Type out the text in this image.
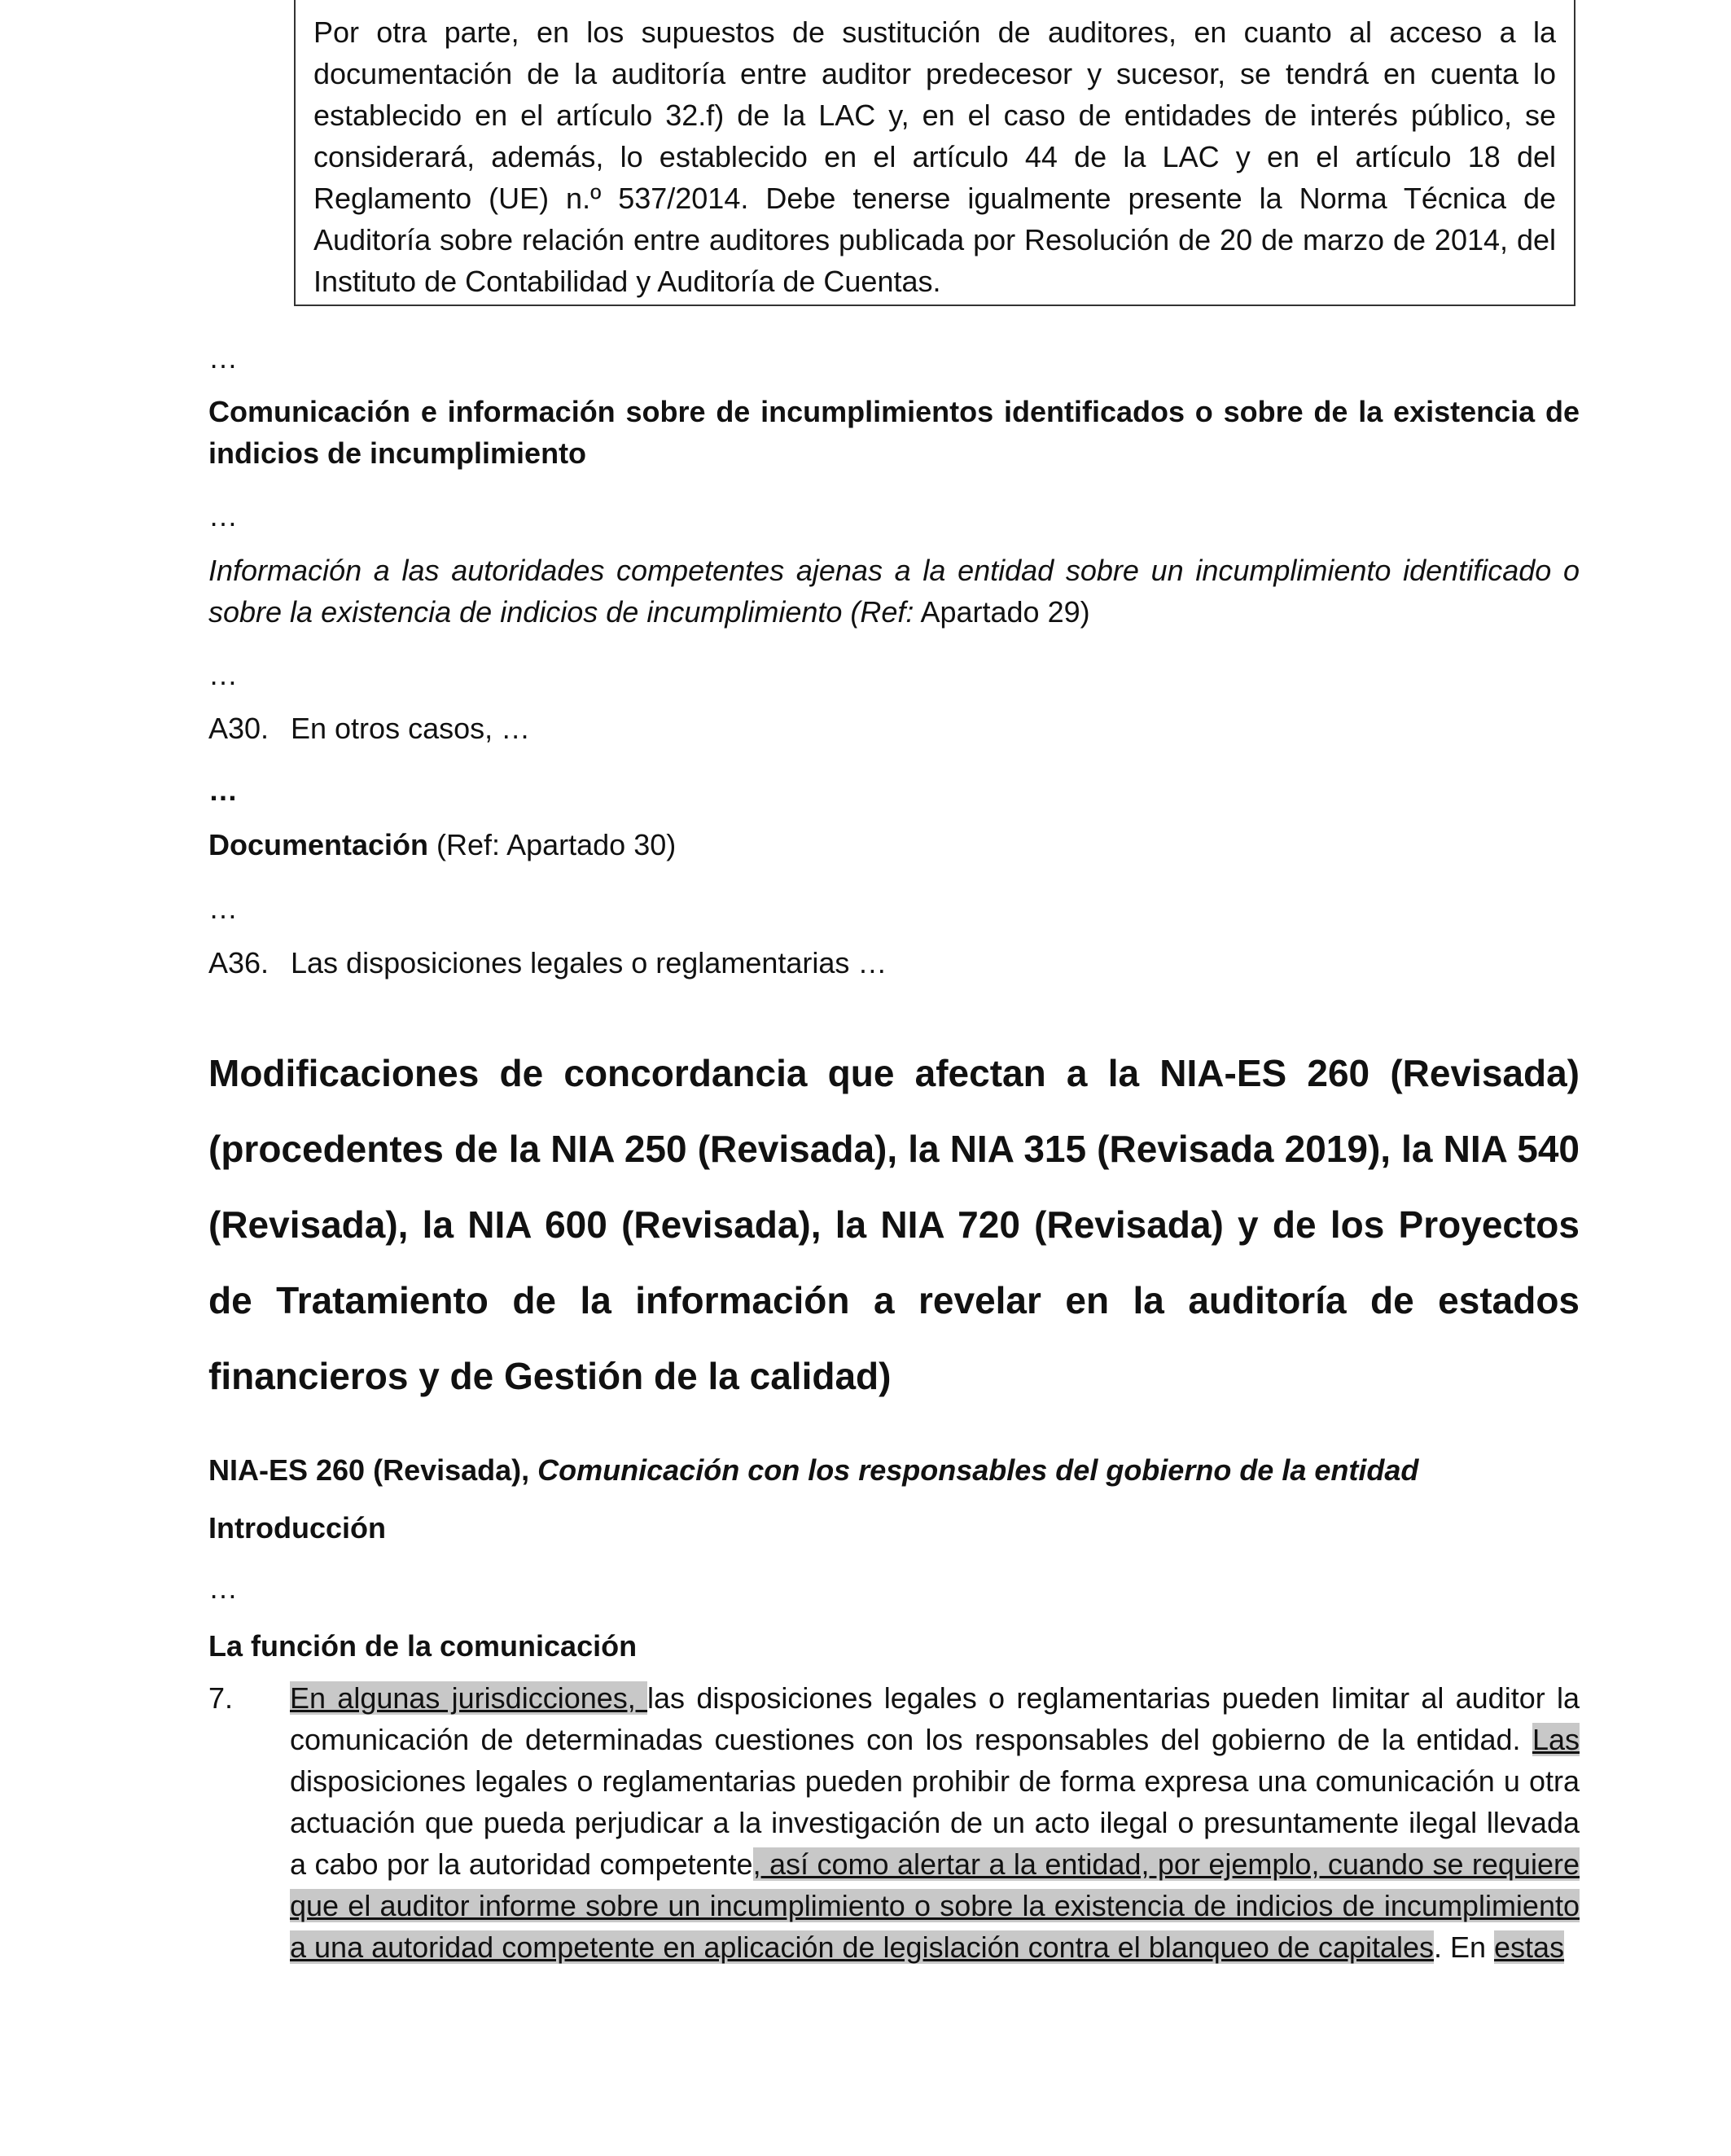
Por otra parte, en los supuestos de sustitución de auditores, en cuanto al acceso a la documentación de la auditoría entre auditor predecesor y sucesor, se tendrá en cuenta lo establecido en el artículo 32.f) de la LAC y, en el caso de entidades de interés público, se considerará, además, lo establecido en el artículo 44 de la LAC y en el artículo 18 del Reglamento (UE) n.º 537/2014. Debe tenerse igualmente presente la Norma Técnica de Auditoría sobre relación entre auditores publicada por Resolución de 20 de marzo de 2014, del Instituto de Contabilidad y Auditoría de Cuentas.
…
Comunicación e información sobre de incumplimientos identificados o sobre de la existencia de indicios de incumplimiento
…
Información a las autoridades competentes ajenas a la entidad sobre un incumplimiento identificado o sobre la existencia de indicios de incumplimiento (Ref: Apartado 29)
…
A30. En otros casos, …
…
Documentación (Ref: Apartado 30)
…
A36. Las disposiciones legales o reglamentarias …
Modificaciones de concordancia que afectan a la NIA-ES 260 (Revisada) (procedentes de la NIA 250 (Revisada), la NIA 315 (Revisada 2019), la NIA 540 (Revisada), la NIA 600 (Revisada), la NIA 720 (Revisada) y de los Proyectos de Tratamiento de la información a revelar en la auditoría de estados financieros y de Gestión de la calidad)
NIA-ES 260 (Revisada), Comunicación con los responsables del gobierno de la entidad
Introducción
…
La función de la comunicación
7. En algunas jurisdicciones, las disposiciones legales o reglamentarias pueden limitar al auditor la comunicación de determinadas cuestiones con los responsables del gobierno de la entidad. Las disposiciones legales o reglamentarias pueden prohibir de forma expresa una comunicación u otra actuación que pueda perjudicar a la investigación de un acto ilegal o presuntamente ilegal llevada a cabo por la autoridad competente, así como alertar a la entidad, por ejemplo, cuando se requiere que el auditor informe sobre un incumplimiento o sobre la existencia de indicios de incumplimiento a una autoridad competente en aplicación de legislación contra el blanqueo de capitales. En estas
